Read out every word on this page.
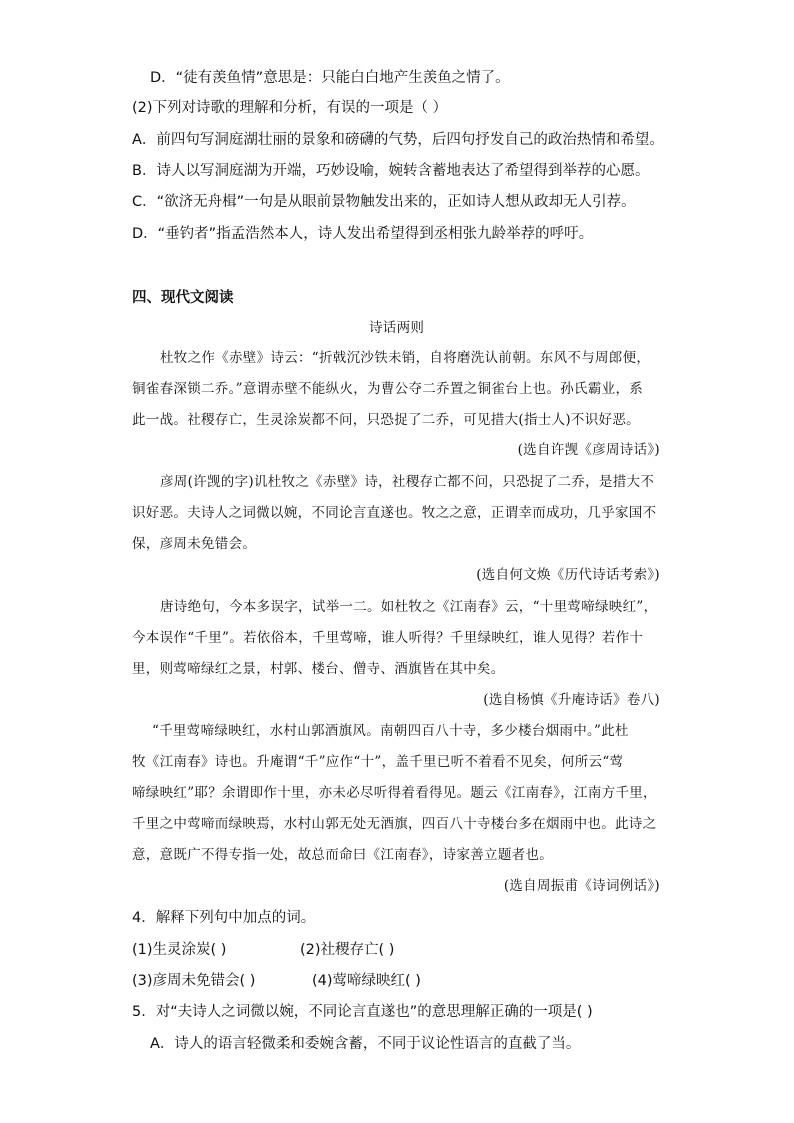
D．“徒有羡鱼情”意思是：只能白白地产生羡鱼之情了。
(2)下列对诗歌的理解和分析，有误的一项是（ ）
A．前四句写洞庭湖壮丽的景象和磅礴的气势，后四句抒发自己的政治热情和希望。
B．诗人以写洞庭湖为开端，巧妙设喻，婉转含蓄地表达了希望得到举荐的心愿。
C．“欲济无舟楫”一句是从眼前景物触发出来的，正如诗人想从政却无人引荐。
D．“垂钓者”指孟浩然本人，诗人发出希望得到丞相张九龄举荐的呼吁。
四、现代文阅读
诗话两则
杜牧之作《赤壁》诗云：“折戟沉沙铁未销，自将磨洗认前朝。东风不与周郎便，
铜雀春深锁二乔。”意谓赤壁不能纵火，为曹公夺二乔置之铜雀台上也。孙氏霸业，系
此一战。社稷存亡，生灵涂炭都不问，只恐捉了二乔，可见措大(指士人)不识好恶。
(选自许觊《彦周诗话》)
彦周(许觊的字)讥杜牧之《赤壁》诗，社稷存亡都不问，只恐捉了二乔，是措大不
识好恶。夫诗人之词微以婉，不同论言直遂也。牧之之意，正谓幸而成功，几乎家国不
保，彦周未免错会。
(选自何文焕《历代诗话考索》)
唐诗绝句，今本多误字，试举一二。如杜牧之《江南春》云，“十里莺啼绿映红”，
今本误作“千里”。若依俗本，千里莺啼，谁人听得？千里绿映红，谁人见得？若作十
里，则莺啼绿红之景，村郭、楼台、僧寺、酒旗皆在其中矣。
(选自杨慎《升庵诗话》卷八)
“千里莺啼绿映红，水村山郭酒旗风。南朝四百八十寺，多少楼台烟雨中。”此杜
牧《江南春》诗也。升庵谓“千”应作“十”，盖千里已听不着看不见矣，何所云“莺
啼绿映红”耶？余谓即作十里，亦未必尽听得着看得见。题云《江南春》，江南方千里，
千里之中莺啼而绿映焉，水村山郭无处无酒旗，四百八十寺楼台多在烟雨中也。此诗之
意，意既广不得专指一处，故总而命曰《江南春》，诗家善立题者也。
(选自周振甫《诗词例话》)
4．解释下列句中加点的词。
(1)生灵涂炭( )	(2)社稷存亡( )
(3)彦周未免错会( )	(4)莺啼绿映红( )
5．对“夫诗人之词微以婉，不同论言直遂也”的意思理解正确的一项是( )
A．诗人的语言轻微柔和委婉含蓄，不同于议论性语言的直截了当。
